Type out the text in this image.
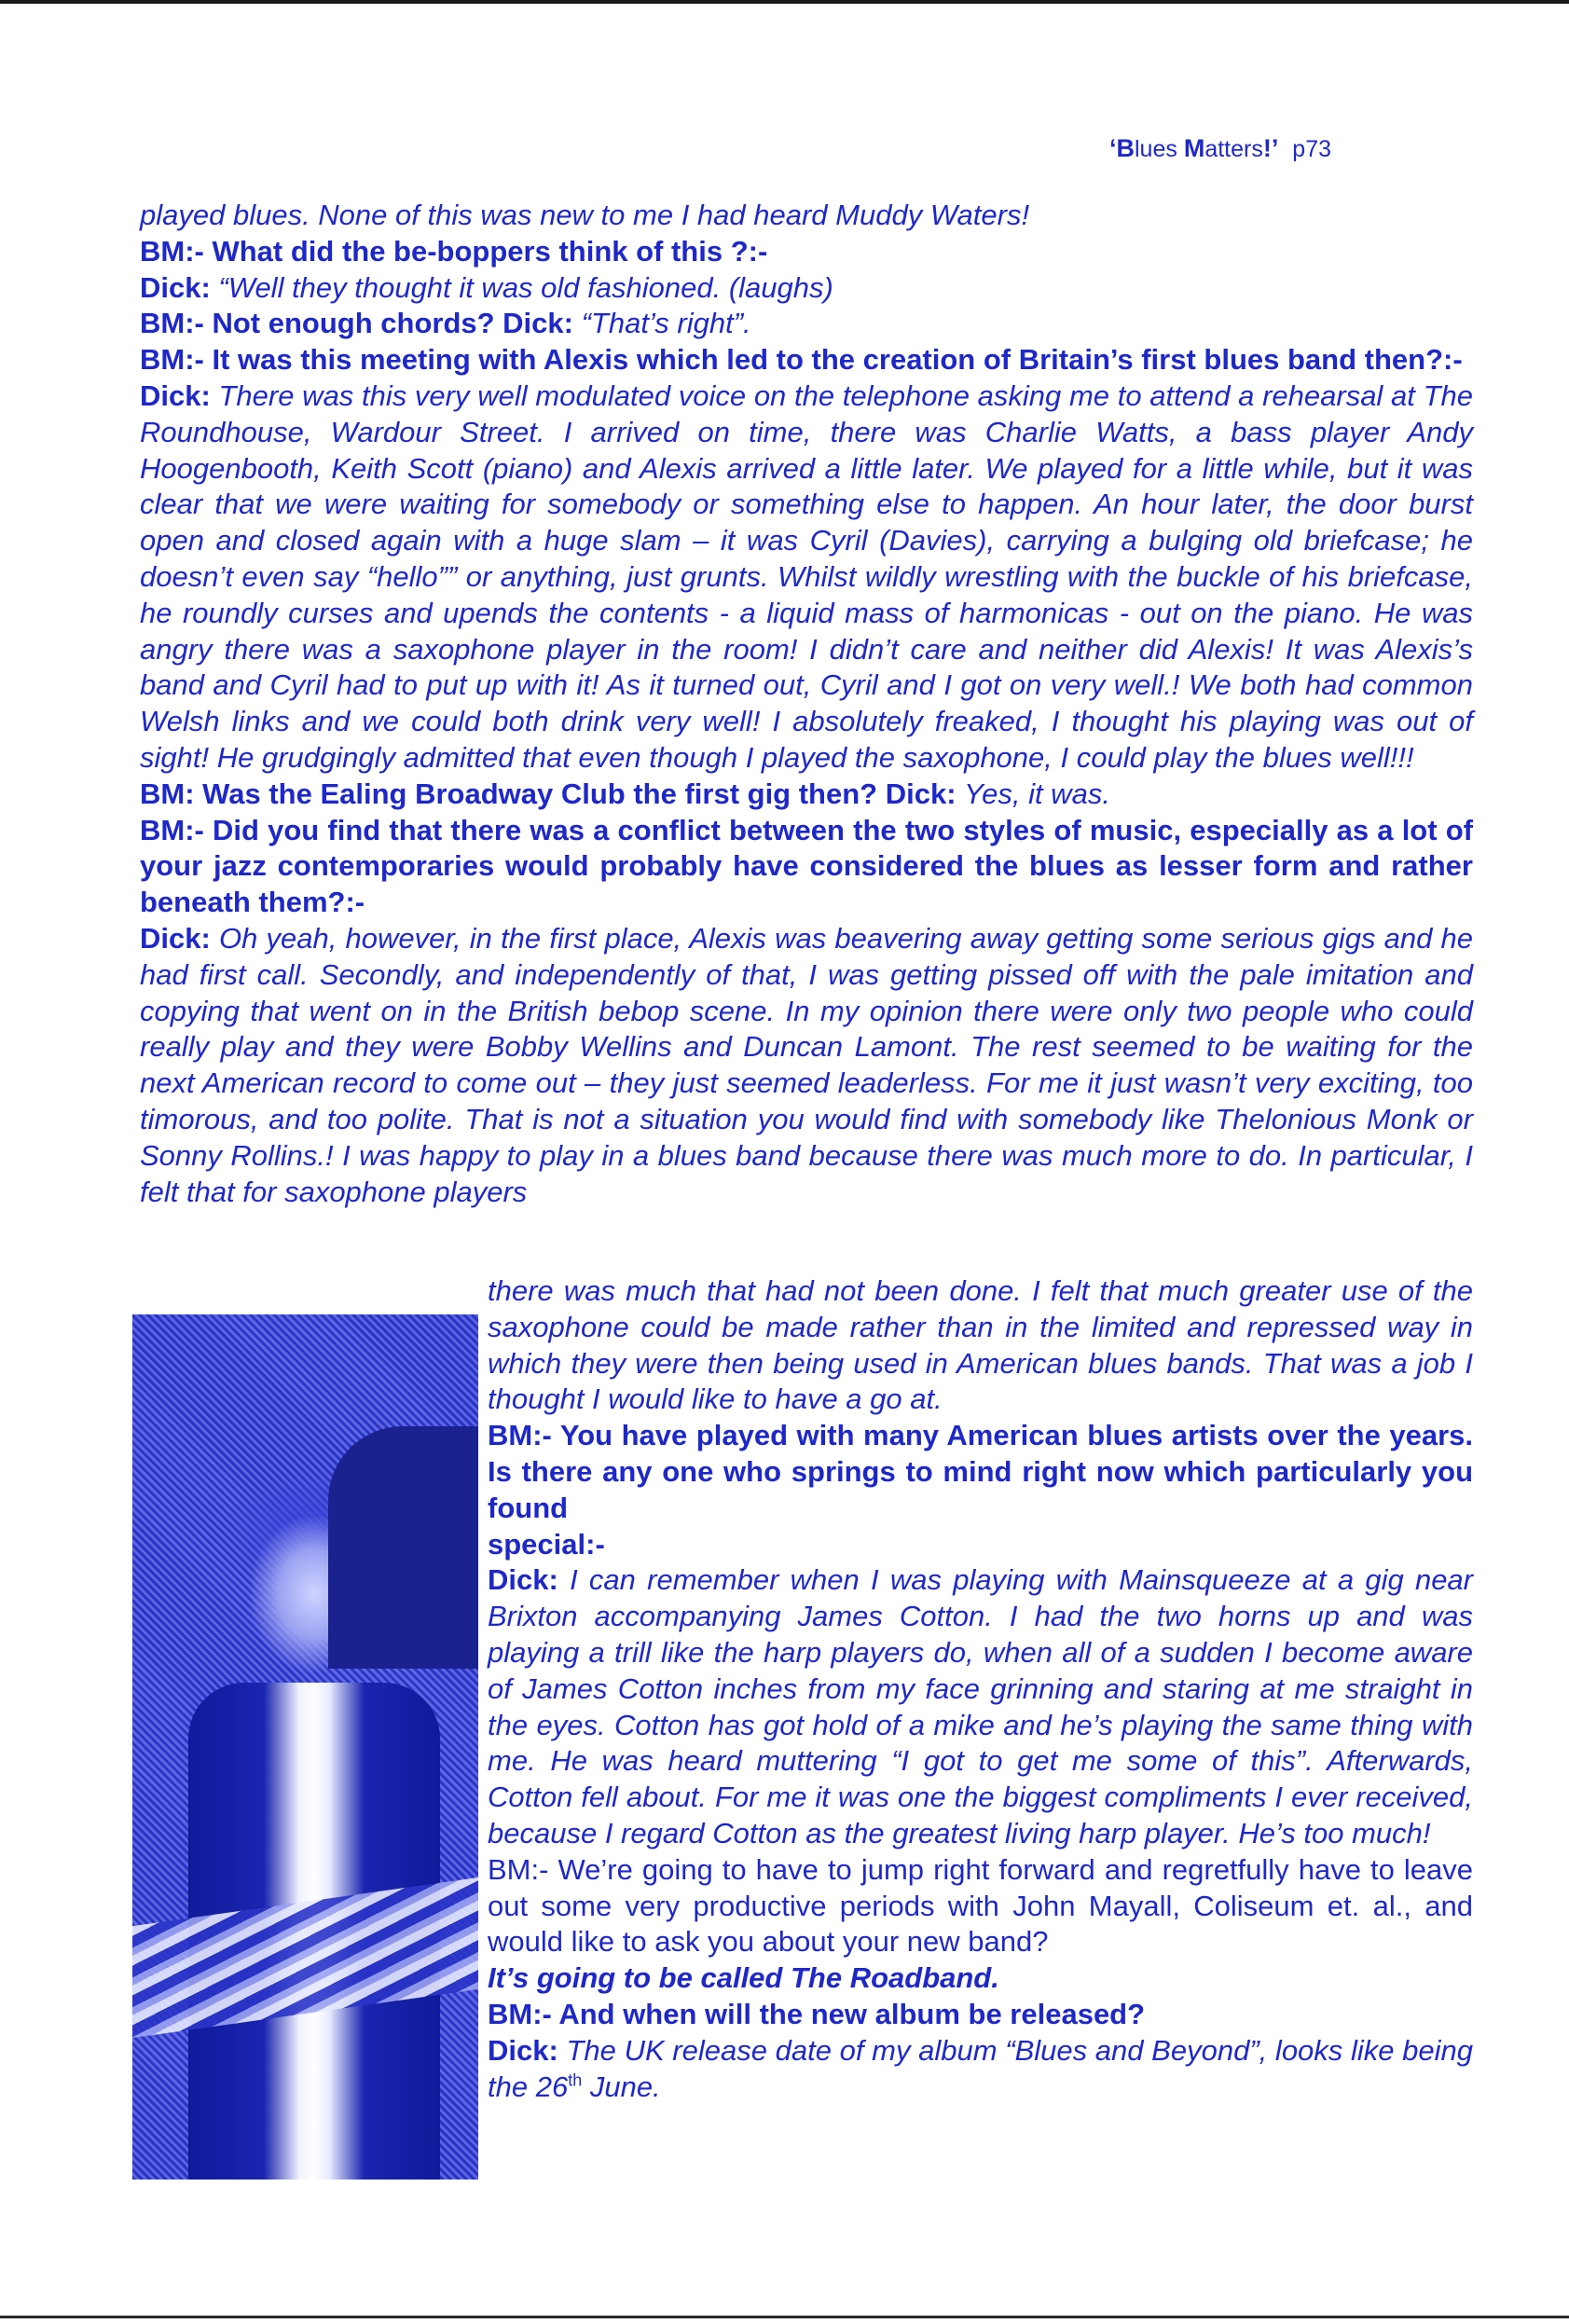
‘Blues Matters!’ p73

played blues. None of this was new to me I had heard Muddy Waters!

BM:- What did the be-boppers think of this ?:-

Dick: “Well they thought it was old fashioned. (laughs)

BM:- Not enough chords? Dick: “That’s right”.

BM:- It was this meeting with Alexis which led to the creation of Britain’s first blues band then?:-

Dick: There was this very well modulated voice on the telephone asking me to attend a rehearsal at The Roundhouse, Wardour Street. I arrived on time, there was Charlie Watts, a bass player Andy Hoogenbooth, Keith Scott (piano) and Alexis arrived a little later. We played for a little while, but it was clear that we were waiting for somebody or something else to happen. An hour later, the door burst open and closed again with a huge slam – it was Cyril (Davies), carrying a bulging old briefcase; he doesn’t even say “hello”” or anything, just grunts. Whilst wildly wrestling with the buckle of his briefcase, he roundly curses and upends the contents - a liquid mass of harmonicas - out on the piano. He was angry there was a saxophone player in the room! I didn’t care and neither did Alexis! It was Alexis’s band and Cyril had to put up with it! As it turned out, Cyril and I got on very well.! We both had common Welsh links and we could both drink very well! I absolutely freaked, I thought his playing was out of sight! He grudgingly admitted that even though I played the saxophone, I could play the blues well!!!

BM: Was the Ealing Broadway Club the first gig then? Dick: Yes, it was.

BM:- Did you find that there was a conflict between the two styles of music, especially as a lot of your jazz contemporaries would probably have considered the blues as lesser form and rather beneath them?:-

Dick: Oh yeah, however, in the first place, Alexis was beavering away getting some serious gigs and he had first call. Secondly, and independently of that, I was getting pissed off with the pale imitation and copying that went on in the British bebop scene. In my opinion there were only two people who could really play and they were Bobby Wellins and Duncan Lamont. The rest seemed to be waiting for the next American record to come out – they just seemed leaderless. For me it just wasn’t very exciting, too timorous, and too polite. That is not a situation you would find with somebody like Thelonious Monk or Sonny Rollins.! I was happy to play in a blues band because there was much more to do. In particular, I felt that for saxophone players

there was much that had not been done. I felt that much greater use of the saxophone could be made rather than in the limited and repressed way in which they were then being used in American blues bands. That was a job I thought I would like to have a go at.

BM:- You have played with many American blues artists over the years. Is there any one who springs to mind right now which particularly you found

special:-

Dick: I can remember when I was playing with Mainsqueeze at a gig near Brixton accompanying James Cotton. I had the two horns up and was playing a trill like the harp players do, when all of a sudden I become aware of James Cotton inches from my face grinning and staring at me straight in the eyes. Cotton has got hold of a mike and he’s playing the same thing with me. He was heard muttering “I got to get me some of this”. Afterwards, Cotton fell about. For me it was one the biggest compliments I ever received, because I regard Cotton as the greatest living harp player. He’s too much!

BM:- We’re going to have to jump right forward and regretfully have to leave out some very productive periods with John Mayall, Coliseum et. al., and would like to ask you about your new band?

It’s going to be called The Roadband.

BM:- And when will the new album be released?

Dick: The UK release date of my album “Blues and Beyond”, looks like being the 26th June.
